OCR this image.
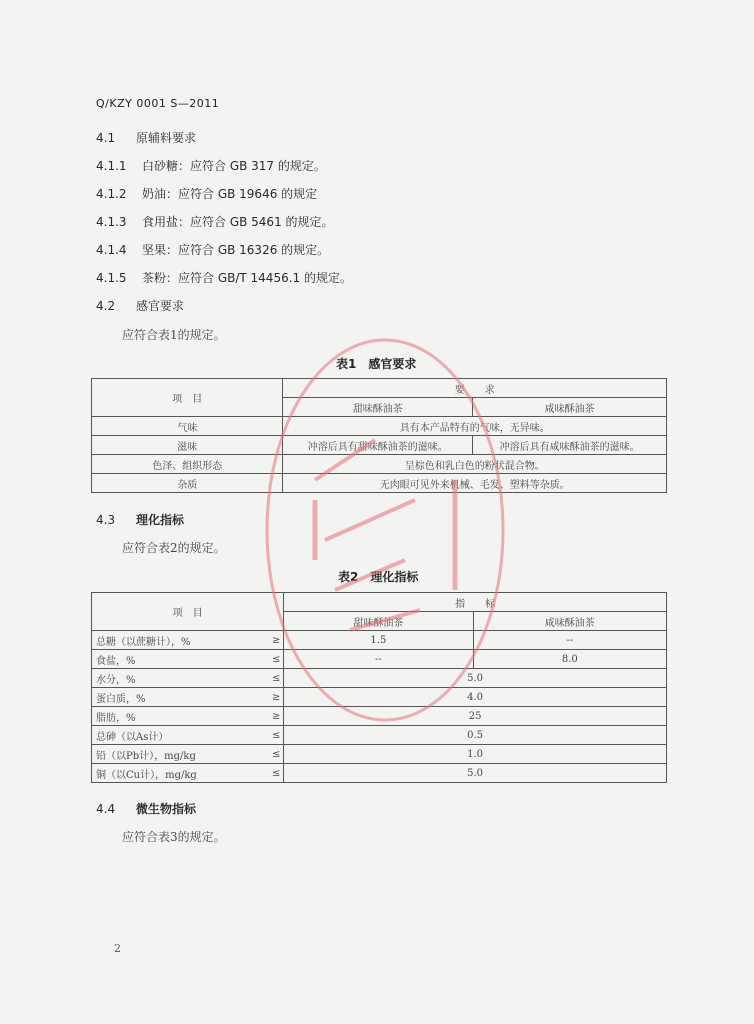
Q/KZY 0001 S—2011
4.1 原辅料要求
4.1.1 白砂糖：应符合 GB 317 的规定。
4.1.2 奶油：应符合 GB 19646 的规定
4.1.3 食用盐：应符合 GB 5461 的规定。
4.1.4 坚果：应符合 GB 16326 的规定。
4.1.5 茶粉：应符合 GB/T 14456.1 的规定。
4.2 感官要求
应符合表1的规定。
表1　感官要求
项　目	要　　求	
	甜味酥油茶	咸味酥油茶
气味	具有本产品特有的气味，无异味。	
滋味	冲溶后具有甜味酥油茶的滋味。	冲溶后具有咸味酥油茶的滋味。
色泽、组织形态	呈棕色和乳白色的粉状混合物。	
杂质	无肉眼可见外来机械、毛发、塑料等杂质。	
4.3 理化指标
应符合表2的规定。
表2　理化指标
项　目		指　　标	
		甜味酥油茶	咸味酥油茶
总糖（以蔗糖计），%	≥	1.5	--
食盐，%	≤	--	8.0
水分，%	≤	5.0	
蛋白质，%	≥	4.0	
脂肪，%	≥	25	
总砷（以As计）	≤	0.5	
铅（以Pb计），mg/kg	≤	1.0	
铜（以Cu计），mg/kg	≤	5.0	
4.4 微生物指标
应符合表3的规定。
2
